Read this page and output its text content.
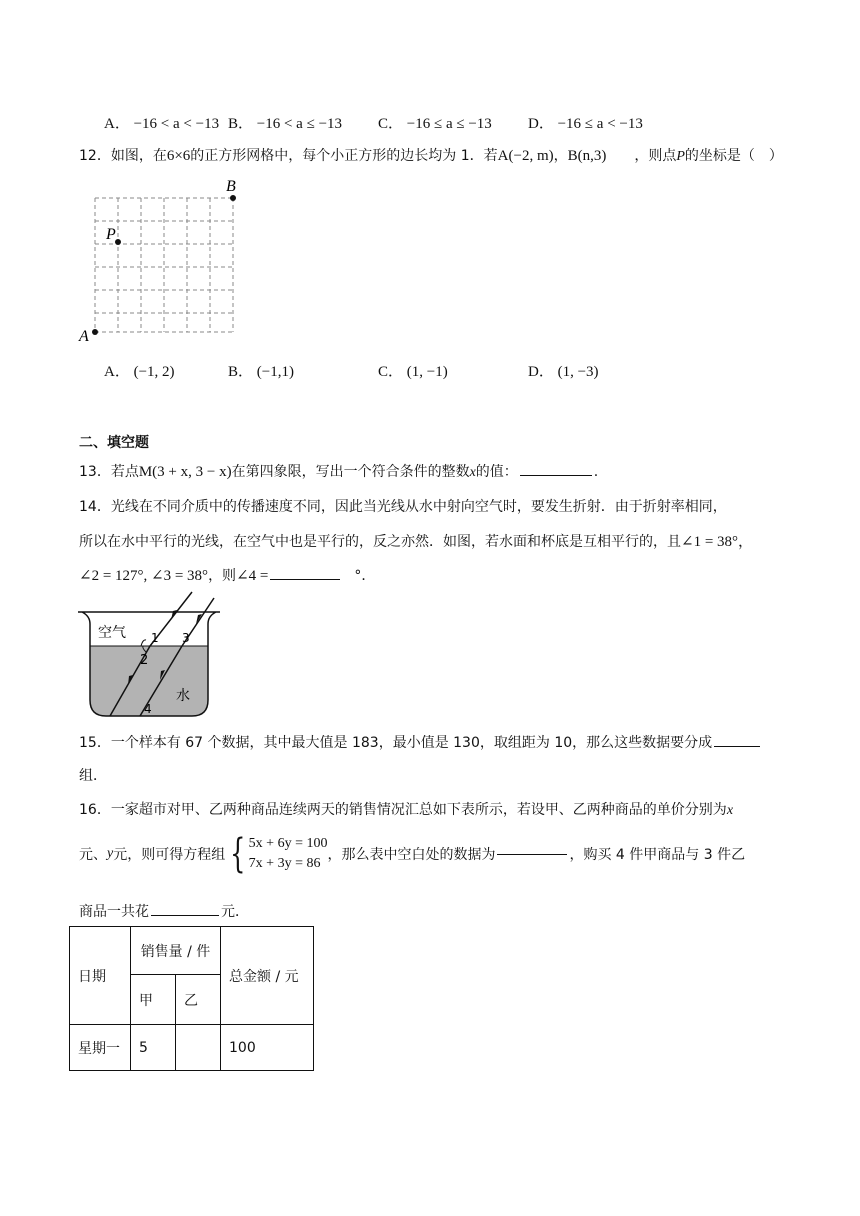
A． −16 < a < −13 B． −16 < a ≤ −13 C． −16 ≤ a ≤ −13 D． −16 ≤ a < −13
12．如图，在6×6的正方形网格中，每个小正方形的边长均为 1．若A(−2, m)，B(n,3) ，则点P的坐标是（　）
A
B
P
A． (−1, 2)	B． (−1,1)	C． (1, −1)	D． (1, −3)
二、填空题
13．若点M(3 + x, 3 − x)在第四象限，写出一个符合条件的整数x的值：	.
14．光线在不同介质中的传播速度不同，因此当光线从水中射向空气时，要发生折射．由于折射率相同，
所以在水中平行的光线，在空气中也是平行的，反之亦然．如图，若水面和杯底是互相平行的，且∠1 = 38°，
∠2 = 127°, ∠3 = 38°，则∠4 =	°．
空气
水
1
2
3
4
15．一个样本有 67 个数据，其中最大值是 183，最小值是 130，取组距为 10，那么这些数据要分成
组．
16．一家超市对甲、乙两种商品连续两天的销售情况汇总如下表所示，若设甲、乙两种商品的单价分别为x
元、 y 元，则可得方程组 { 5x + 6y = 100
7x + 3y = 86
，那么表中空白处的数据为	，购买 4 件甲商品与 3 件乙
商品一共花	元．
日期	销售量 / 件		总金额 / 元
	甲	乙	
星期一	5		100
